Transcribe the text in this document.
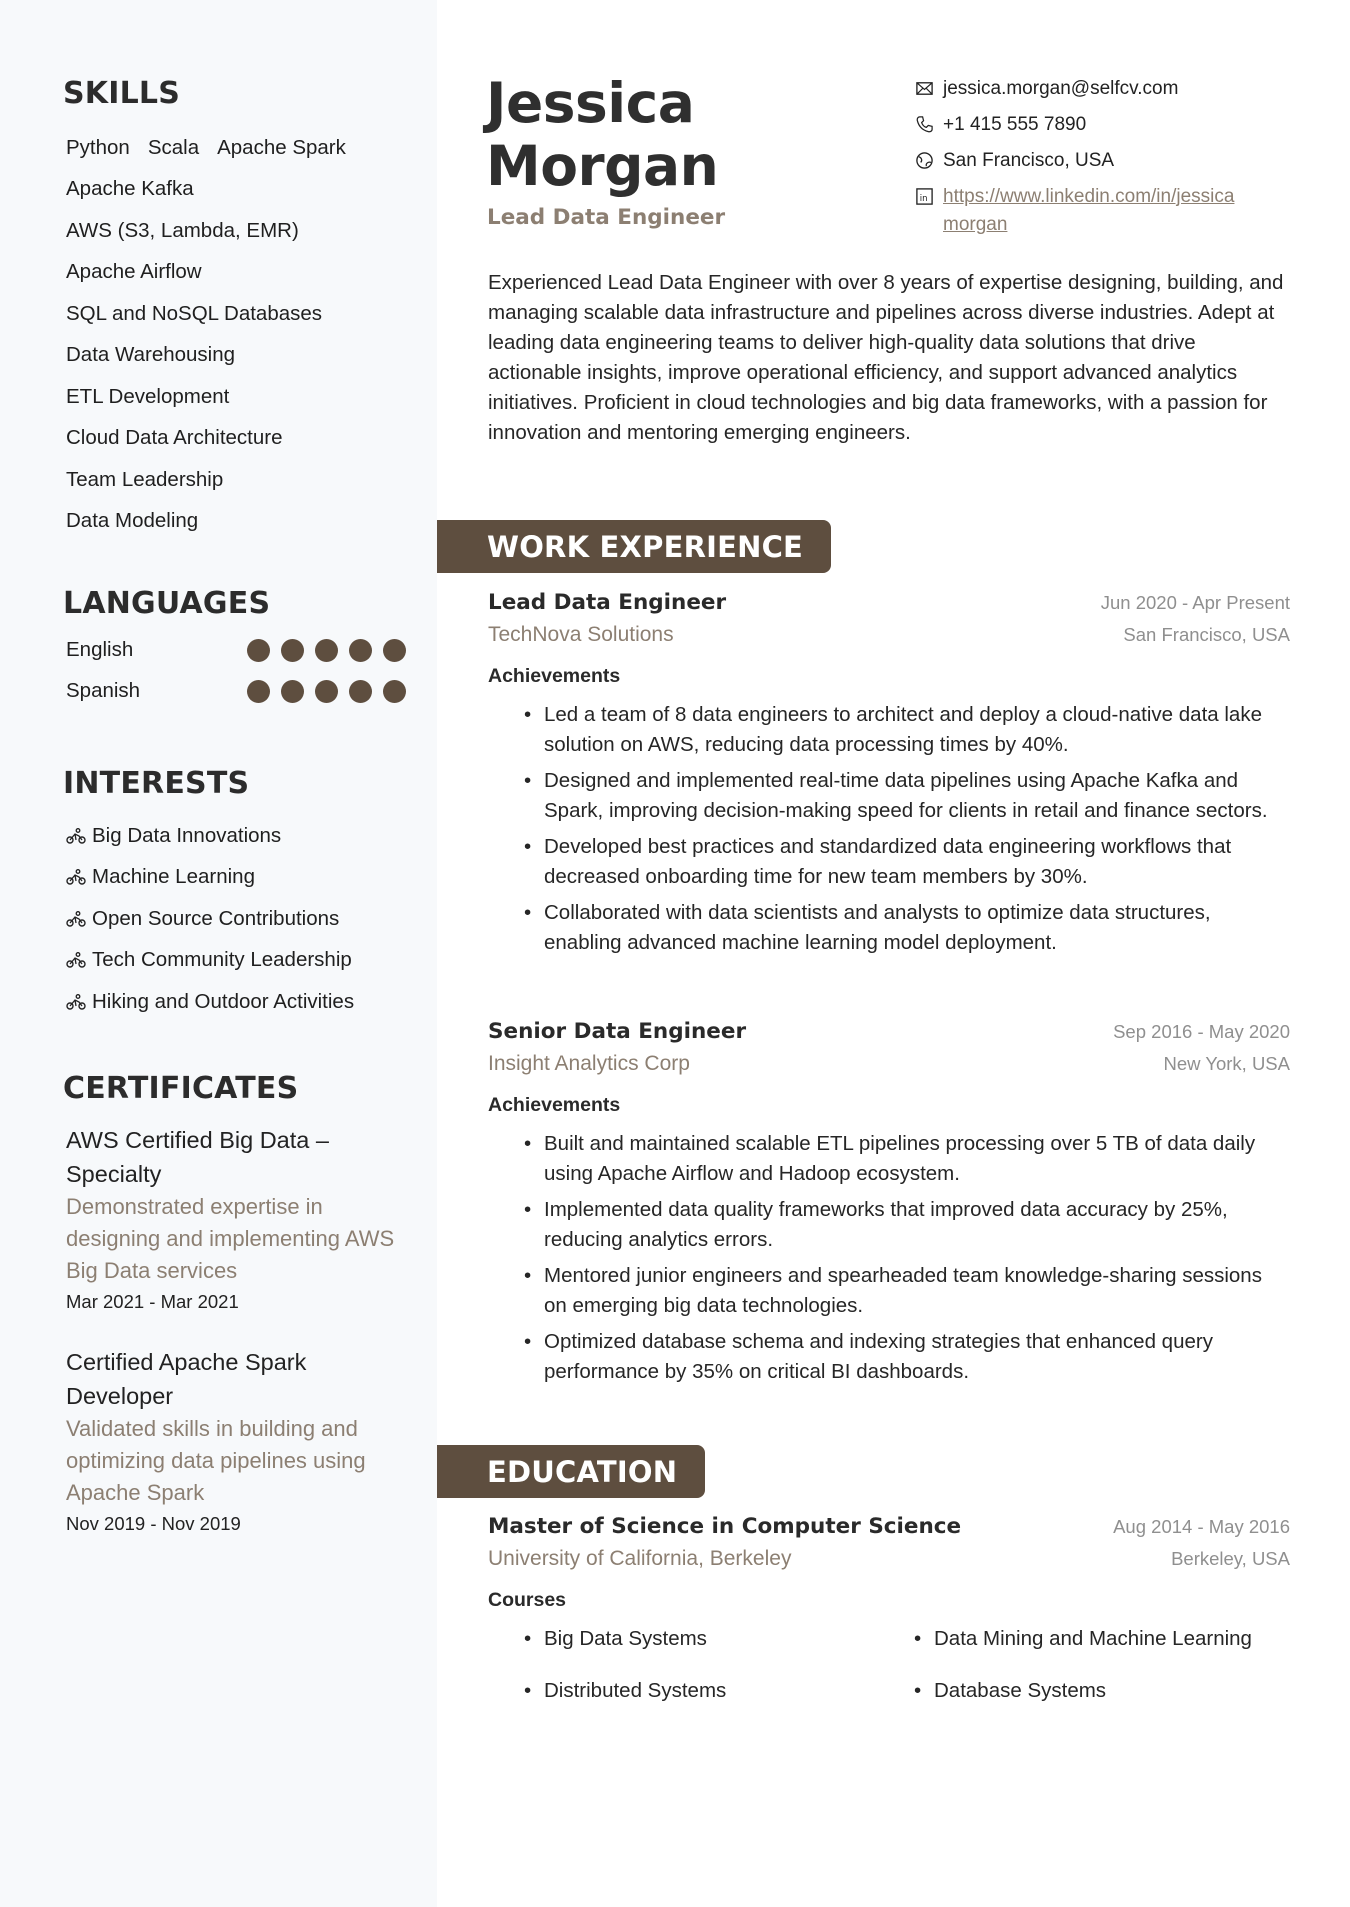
SKILLS
Python Scala Apache Spark
Apache Kafka
AWS (S3, Lambda, EMR)
Apache Airflow
SQL and NoSQL Databases
Data Warehousing
ETL Development
Cloud Data Architecture
Team Leadership
Data Modeling
LANGUAGES
English
Spanish
INTERESTS
Big Data Innovations
Machine Learning
Open Source Contributions
Tech Community Leadership
Hiking and Outdoor Activities
CERTIFICATES
AWS Certified Big Data – Specialty
Demonstrated expertise in designing and implementing AWS Big Data services
Mar 2021 - Mar 2021
Certified Apache Spark Developer
Validated skills in building and optimizing data pipelines using Apache Spark
Nov 2019 - Nov 2019
Jessica
Morgan
Lead Data Engineer
jessica.morgan@selfcv.com
+1 415 555 7890
San Francisco, USA
in https://www.linkedin.com/in/jessica
morgan

Experienced Lead Data Engineer with over 8 years of expertise designing, building, and managing scalable data infrastructure and pipelines across diverse industries. Adept at leading data engineering teams to deliver high-quality data solutions that drive actionable insights, improve operational efficiency, and support advanced analytics initiatives. Proficient in cloud technologies and big data frameworks, with a passion for innovation and mentoring emerging engineers.

WORK EXPERIENCE
Lead Data Engineer	Jun 2020 - Apr Present
TechNova Solutions	San Francisco, USA
Achievements
• Led a team of 8 data engineers to architect and deploy a cloud-native data lake solution on AWS, reducing data processing times by 40%.
• Designed and implemented real-time data pipelines using Apache Kafka and Spark, improving decision-making speed for clients in retail and finance sectors.
• Developed best practices and standardized data engineering workflows that decreased onboarding time for new team members by 30%.
• Collaborated with data scientists and analysts to optimize data structures, enabling advanced machine learning model deployment.
Senior Data Engineer	Sep 2016 - May 2020
Insight Analytics Corp	New York, USA
Achievements
• Built and maintained scalable ETL pipelines processing over 5 TB of data daily using Apache Airflow and Hadoop ecosystem.
• Implemented data quality frameworks that improved data accuracy by 25%, reducing analytics errors.
• Mentored junior engineers and spearheaded team knowledge-sharing sessions on emerging big data technologies.
• Optimized database schema and indexing strategies that enhanced query performance by 35% on critical BI dashboards.
EDUCATION
Master of Science in Computer Science	Aug 2014 - May 2016
University of California, Berkeley	Berkeley, USA
Courses
• Big Data Systems	• Data Mining and Machine Learning
• Distributed Systems	• Database Systems
